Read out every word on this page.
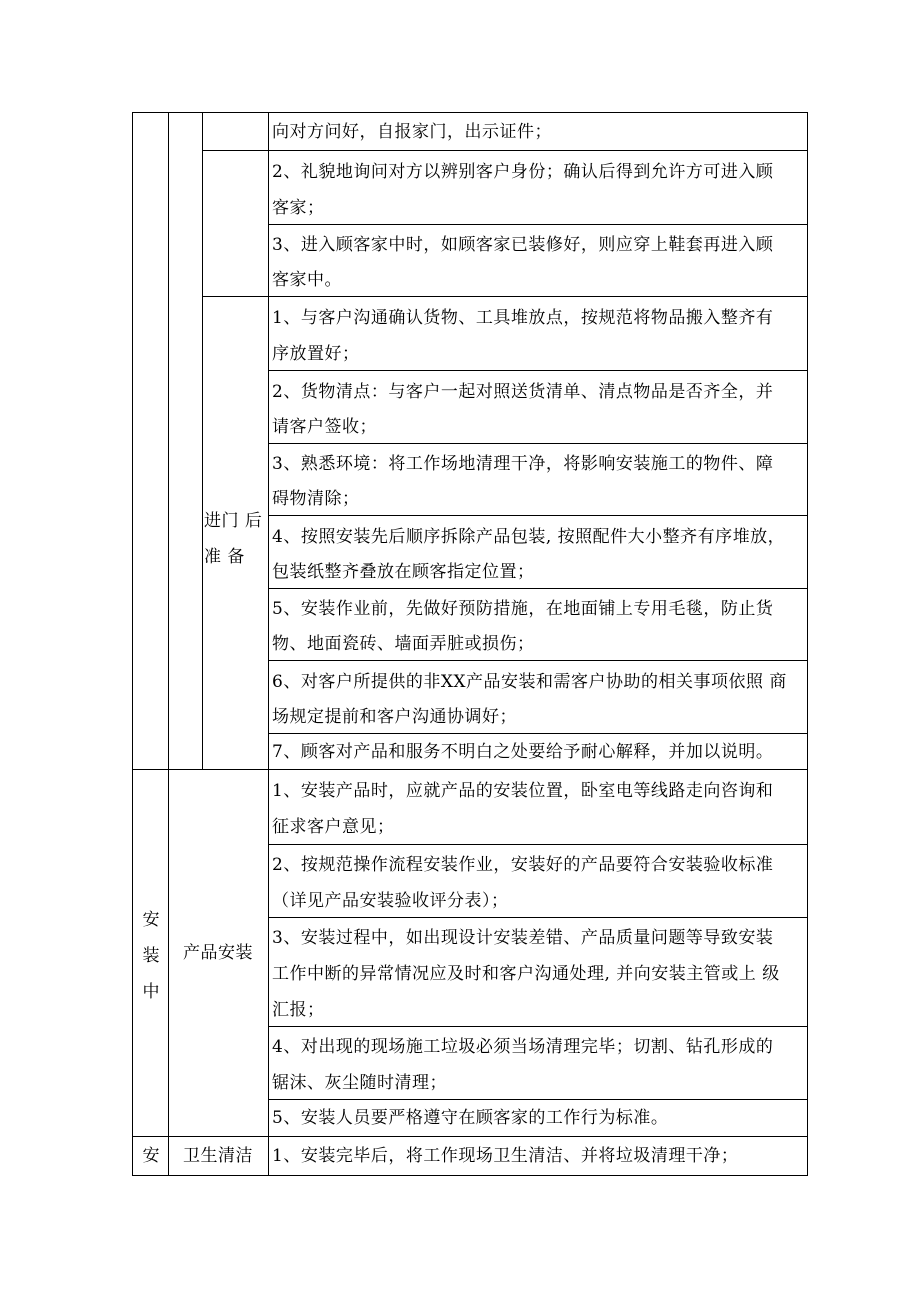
进门 后
准 备
向对方问好，自报家门，出示证件；
2、礼貌地询问对方以辨别客户身份；确认后得到允许方可进入顾
客家；
3、进入顾客家中时，如顾客家已装修好，则应穿上鞋套再进入顾
客家中。
1、与客户沟通确认货物、工具堆放点，按规范将物品搬入整齐有
序放置好；
2、货物清点：与客户一起对照送货清单、清点物品是否齐全，并
请客户签收；
3、熟悉环境：将工作场地清理干净，将影响安装施工的物件、障
碍物清除；
4、按照安装先后顺序拆除产品包装, 按照配件大小整齐有序堆放，
包装纸整齐叠放在顾客指定位置；
5、安装作业前，先做好预防措施，在地面铺上专用毛毯，防止货
物、地面瓷砖、墙面弄脏或损伤；
6、对客户所提供的非XX产品安装和需客户协助的相关事项依照 商
场规定提前和客户沟通协调好；
7、顾客对产品和服务不明白之处要给予耐心解释，并加以说明。
安
装
中
产品安装
1、安装产品时，应就产品的安装位置，卧室电等线路走向咨询和
征求客户意见；
2、按规范操作流程安装作业，安装好的产品要符合安装验收标准
（详见产品安装验收评分表）；
3、安装过程中，如出现设计安装差错、产品质量问题等导致安装
工作中断的异常情况应及时和客户沟通处理, 并向安装主管或上 级
汇报；
4、对出现的现场施工垃圾必须当场清理完毕；切割、钻孔形成的
锯沫、灰尘随时清理；
5、安装人员要严格遵守在顾客家的工作行为标准。
安	卫生清洁 1、安装完毕后，将工作现场卫生清洁、并将垃圾清理干净；
